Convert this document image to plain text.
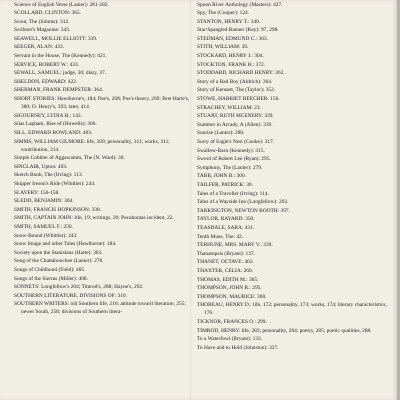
Science of English Verse (Lanier): 281-282.
SCOLLARD, CLINTON: 365.
Scout, The (Simms): 312.
Scribner's Magazine: 343.
SEAWELL, MOLLIE ELLIOTT: 339.
SEEGER, ALAN: 433.
Servant in the House, The (Kennedy): 421.
SERVICE, ROBERT W.: 433.
SEWALL, SAMUEL: judge, 30; diary, 37.
SHELDON, EDWARD: 422.
SHERMAN, FRANK DEMPSTER: 364.
SHORT STORIES: Hawthorne's, 184; Poe's, 268; Poe's theory, 269; Bret Harte's, 380; O. Henry's, 393; later, 414.
SIGOURNEY, LYDIA H.: 143.
Silas Lapham, Rise of (Howells): 306.
SILL, EDWARD ROWLAND: 403.
SIMMS, WILLIAM GILMORE: life, 309; personality, 311; works, 311; contribution, 314.
Simple Cobbler of Aggawamm, The (N. Ward): 30.
SINCLAIR, Upton: 403.
Sketch Book, The (Irving): 113.
Skipper Ireson's Ride (Whittier): 244.
SLAVERY: 156-158.
SLEDD, BENJAMIN: 304.
SMITH, FRANCIS HOPKINSON: 338.
SMITH, CAPTAIN JOHN: life, 19; writings, 20; Pocahontas incident, 22.
SMITH, SAMUEL F.: 250.
Snow-Bound (Whittier): 243.
Snow Image and other Tales (Hawthorne): 184.
Society upon the Stanislaus (Harte): 383.
Song of the Chattahoochee (Lanier): 278.
Songs of Childhood (Field): 405.
Songs of the Sierras (Miller): 408.
SONNETS: Longfellow's 204; Timrod's, 288; Hayne's, 292.
SOUTHERN LITERATURE, DIVISIONS OF: 310.
SOUTHERN WRITERS: old Southern life, 216; attitude toward literature, 255; newer South, 258; divisions of Southern litera-
Spoon River Anthology (Masters): 427.
Spy, The (Cooper): 124.
STANTON, HENRY T.: 340.
Star-Spangled Banner (Key): 97, 298.
STEDMAN, EDMUND C.: 363.
STITH, WILLIAM: 30.
STOCKARD, HENRY J.: 304.
STOCKTON, FRANK R.: 372.
STODDARD, RICHARD HENRY: 362.
Story of a Bad Boy (Aldrich): 364.
Story of Kennett, The (Taylor): 352.
STOWE, HARRIET BEECHER: 156.
STRACHEY, WILLIAM: 23.
STUART, RUTH MCENERY: 339.
Summer in Arcady, A (Allen): 339.
Sunrise (Lanier): 280.
Surry of Eagle's Nest (Cooke): 317.
Swallow-Barn (Kennedy): 315.
Sword of Robert Lee (Ryan): 295.
Symphony, The (Lanier): 279.
TABB, JOHN B.: 300.
TAILFER, PATRICK: 30.
Tales of a Traveller (Irving): 114.
Tales of a Wayside Inn (Longfellow): 203.
TARKINGTON, NEWTON BOOTH: 397.
TAYLOR, BAYARD: 350.
TEASDALE, SARA: 431.
Tenth Muse, The: 42.
TERHUNE, MRS. MARY V.: 339.
Thanatopsis (Bryant): 137.
THANET, OCTAVE: 402.
THAXTER, CELIA: 260.
THOMAS, EDITH M.: 365.
THOMPSON, JOHN R.: 295.
THOMPSON, MAURICE: 300.
THOREAU, HENRY D.: life, 172; personality, 173; works, 174; literary characteristics, 176.
TICKNOR, FRANCES O.: 299.
TIMROD, HENRY: life, 283; personality, 284; poetry, 285; poetic qualities, 288.
To a Waterfowl (Bryant): 133.
To Have and to Hold (Johnston): 337.
